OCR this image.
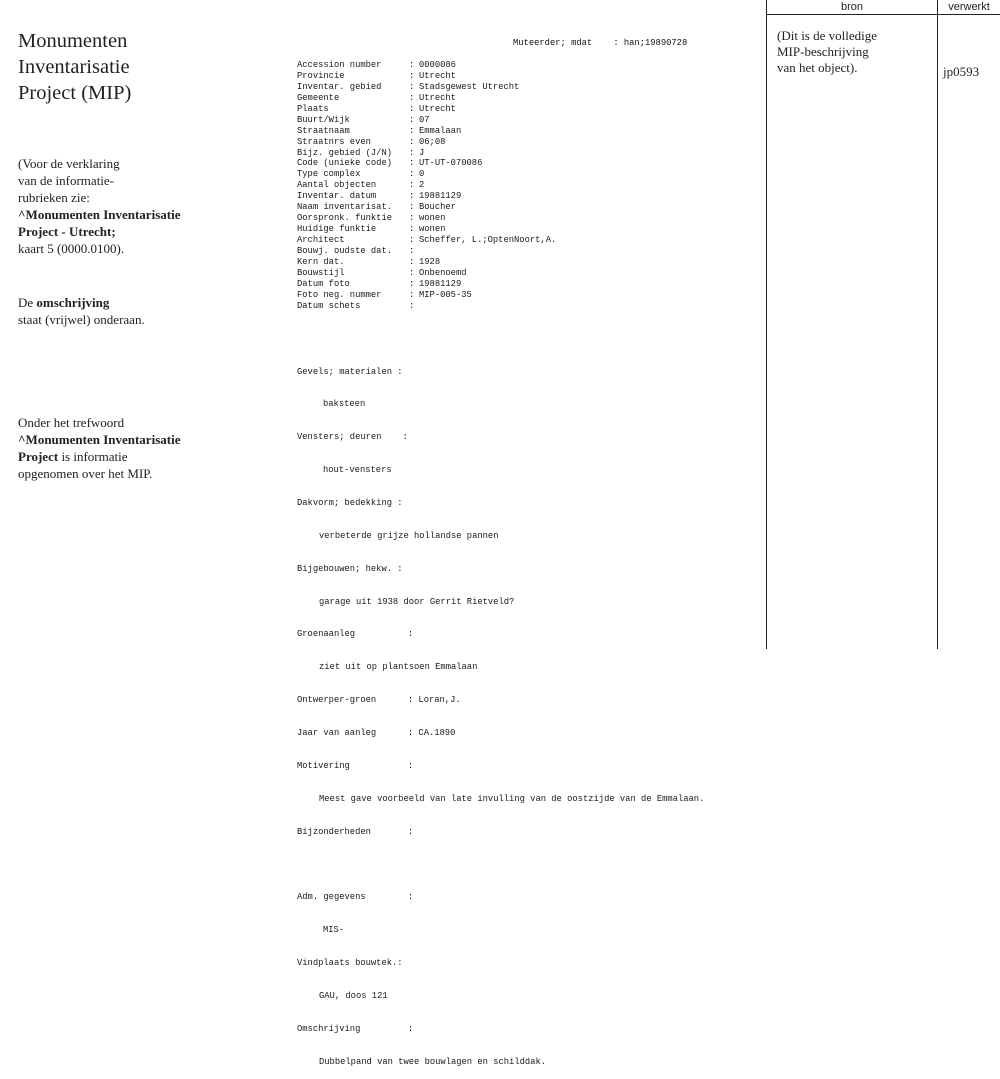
Monumenten
Inventarisatie
Project (MIP)
(Voor de verklaring
van de informatie-
rubrieken zie:
^Monumenten Inventarisatie
Project - Utrecht;
kaart 5 (0000.0100).
De omschrijving
staat (vrijwel) onderaan.
Onder het trefwoord
^Monumenten Inventarisatie
Project is informatie
opgenomen over het MIP.
Muteerder; mdat : han;19890728

Accession number	: 0000086
Provincie	: Utrecht
Inventar. gebied	: Stadsgewest Utrecht
Gemeente	: Utrecht
Plaats	: Utrecht
Buurt/Wijk	: 07
Straatnaam	: Emmalaan
Straatnrs even	: 06;08
Bijz. gebied (J/N)	: J
Code (unieke code)	: UT-UT-070086
Type complex	: 0
Aantal objecten	: 2
Inventar. datum	: 19881129
Naam inventarisat.	: Boucher
Oorspronk. funktie	: wonen
Huidige funktie	: wonen
Architect	: Scheffer, L.;OptenNoort,A.
Bouwj. oudste dat.	:
Kern dat.	: 1928
Bouwstijl	: Onbenoemd
Datum foto	: 19881129
Foto neg. nummer	: MIP-005-35
Datum schets	:

Gevels; materialen :

baksteen

Vensters; deuren    :

hout-vensters

Dakvorm; bedekking :

verbeterde grijze hollandse pannen

Bijgebouwen; hekw. :

garage uit 1938 door Gerrit Rietveld?

Groenaanleg          :

ziet uit op plantsoen Emmalaan

Ontwerper-groen      : Loran,J.

Jaar van aanleg      : CA.1890

Motivering           :

Meest gave voorbeeld van late invulling van de oostzijde van de Emmalaan.

Bijzonderheden       :

Adm. gegevens        :

MIS-

Vindplaats bouwtek.:

GAU, doos 121

Omschrijving         :

Dubbelpand van twee bouwlagen en schilddak.

bron	verwerkt
(Dit is de volledige
MIP-beschrijving
van het object).	jp0593
